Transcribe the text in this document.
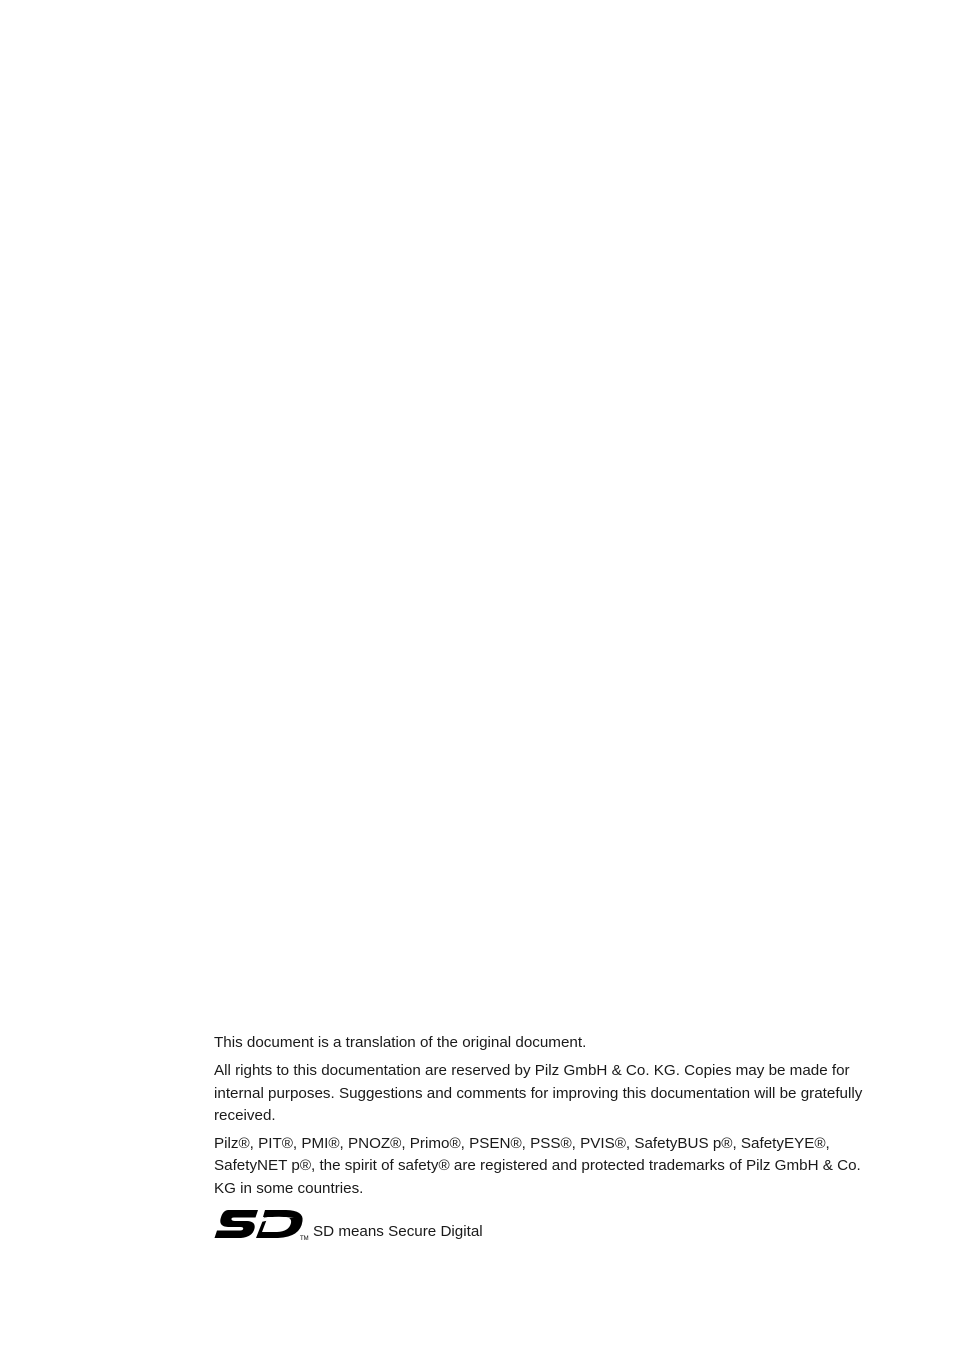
This document is a translation of the original document.

All rights to this documentation are reserved by Pilz GmbH & Co. KG. Copies may be made for internal purposes. Suggestions and comments for improving this documentation will be gratefully received.

Pilz®, PIT®, PMI®, PNOZ®, Primo®, PSEN®, PSS®, PVIS®, SafetyBUS p®, SafetyEYE®, SafetyNET p®, the spirit of safety® are registered and protected trademarks of Pilz GmbH & Co. KG in some countries.

TM SD means Secure Digital
